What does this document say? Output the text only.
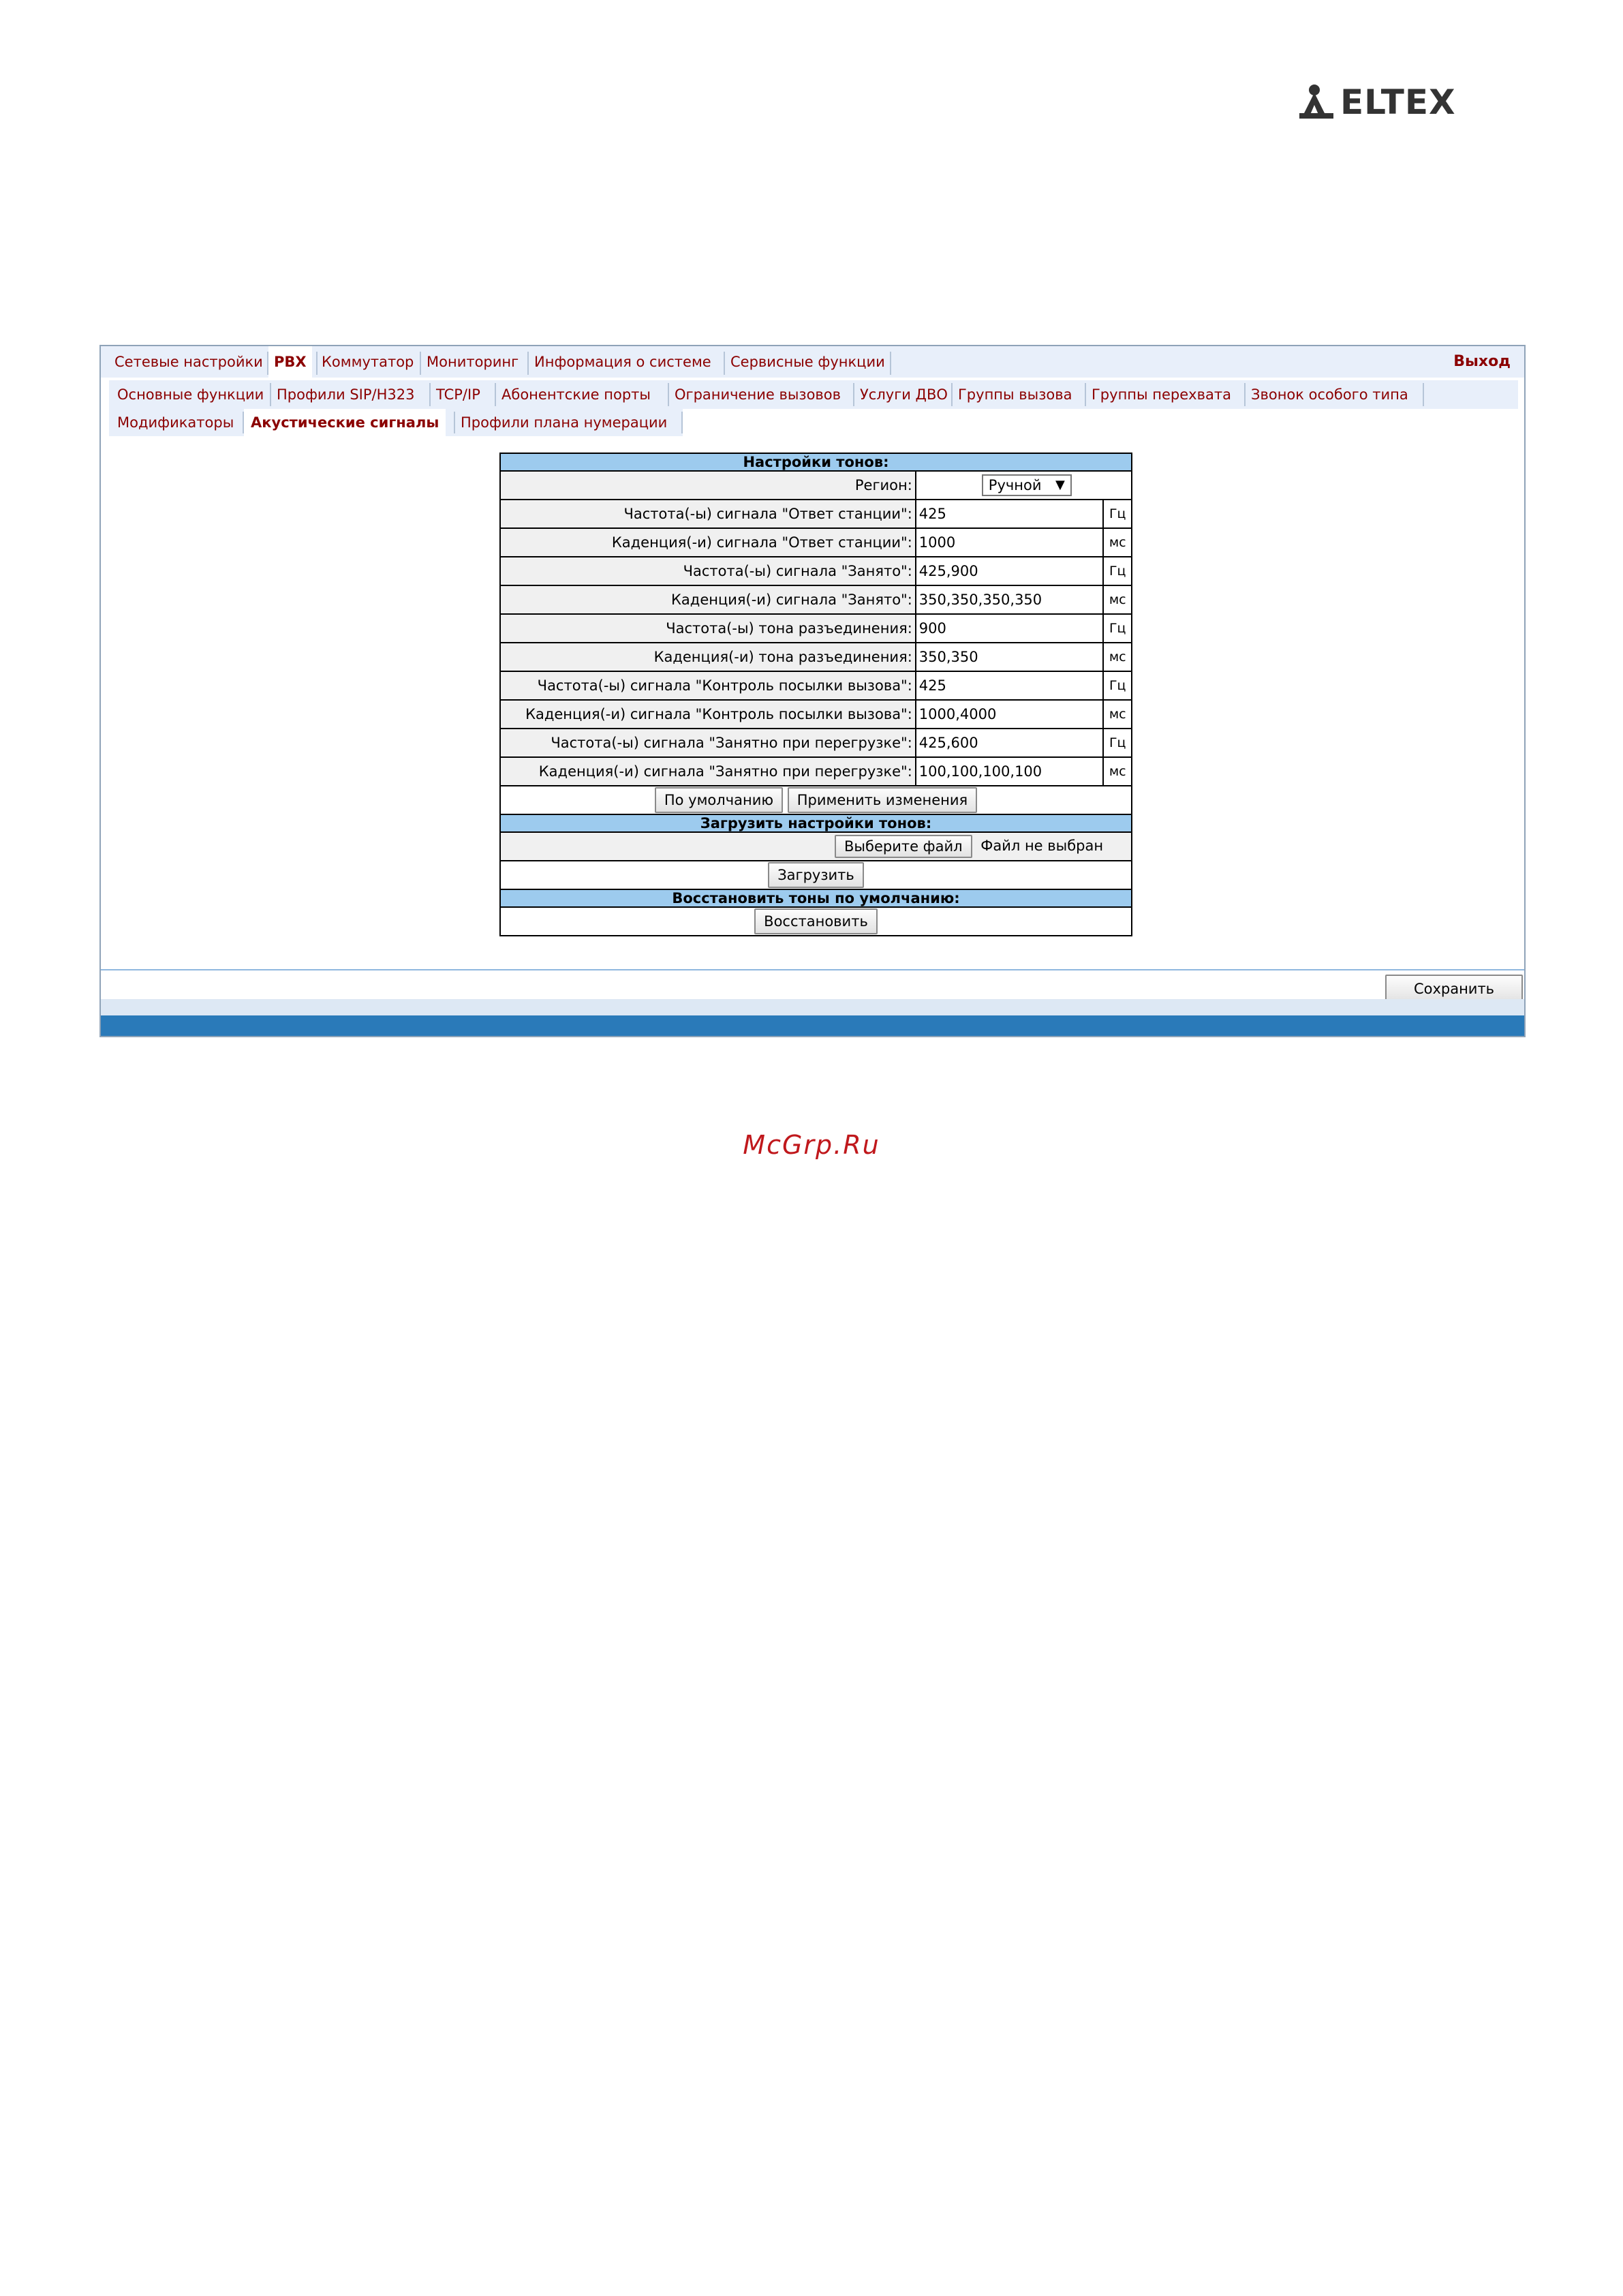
ELTEX
Сетевые настройки PBX	Коммутатор Мониторинг Информация о системе Сервисные функции	Выход
Основные функции Профили SIP/H323 TCP/IP Абонентские порты Ограничение вызовов Услуги ДВО Группы вызова Группы перехвата Звонок особого типа
Модификаторы	Акустические сигналы	Профили плана нумерации
Настройки тонов:		
Регион:	Ручной ▼	

Частота(-ы) сигнала "Ответ станции":	425	Гц
Каденция(-и) сигнала "Ответ станции":	1000	мс
Частота(-ы) сигнала "Занято":	425,900	Гц
Каденция(-и) сигнала "Занято":	350,350,350,350	мс
Частота(-ы) тона разъединения:	900	Гц
Каденция(-и) тона разъединения:	350,350	мс
Частота(-ы) сигнала "Контроль посылки вызова":	425	Гц
Каденция(-и) сигнала "Контроль посылки вызова":	1000,4000	мс
Частота(-ы) сигнала "Занятно при перегрузке":	425,600	Гц
Каденция(-и) сигнала "Занятно при перегрузке":	100,100,100,100	мс
По умолчанию Применить изменения		
Загрузить настройки тонов:		
Выберите файл Файл не выбран		
Загрузить		
Восстановить тоны по умолчанию:		
Восстановить		
Сохранить
McGrp.Ru
